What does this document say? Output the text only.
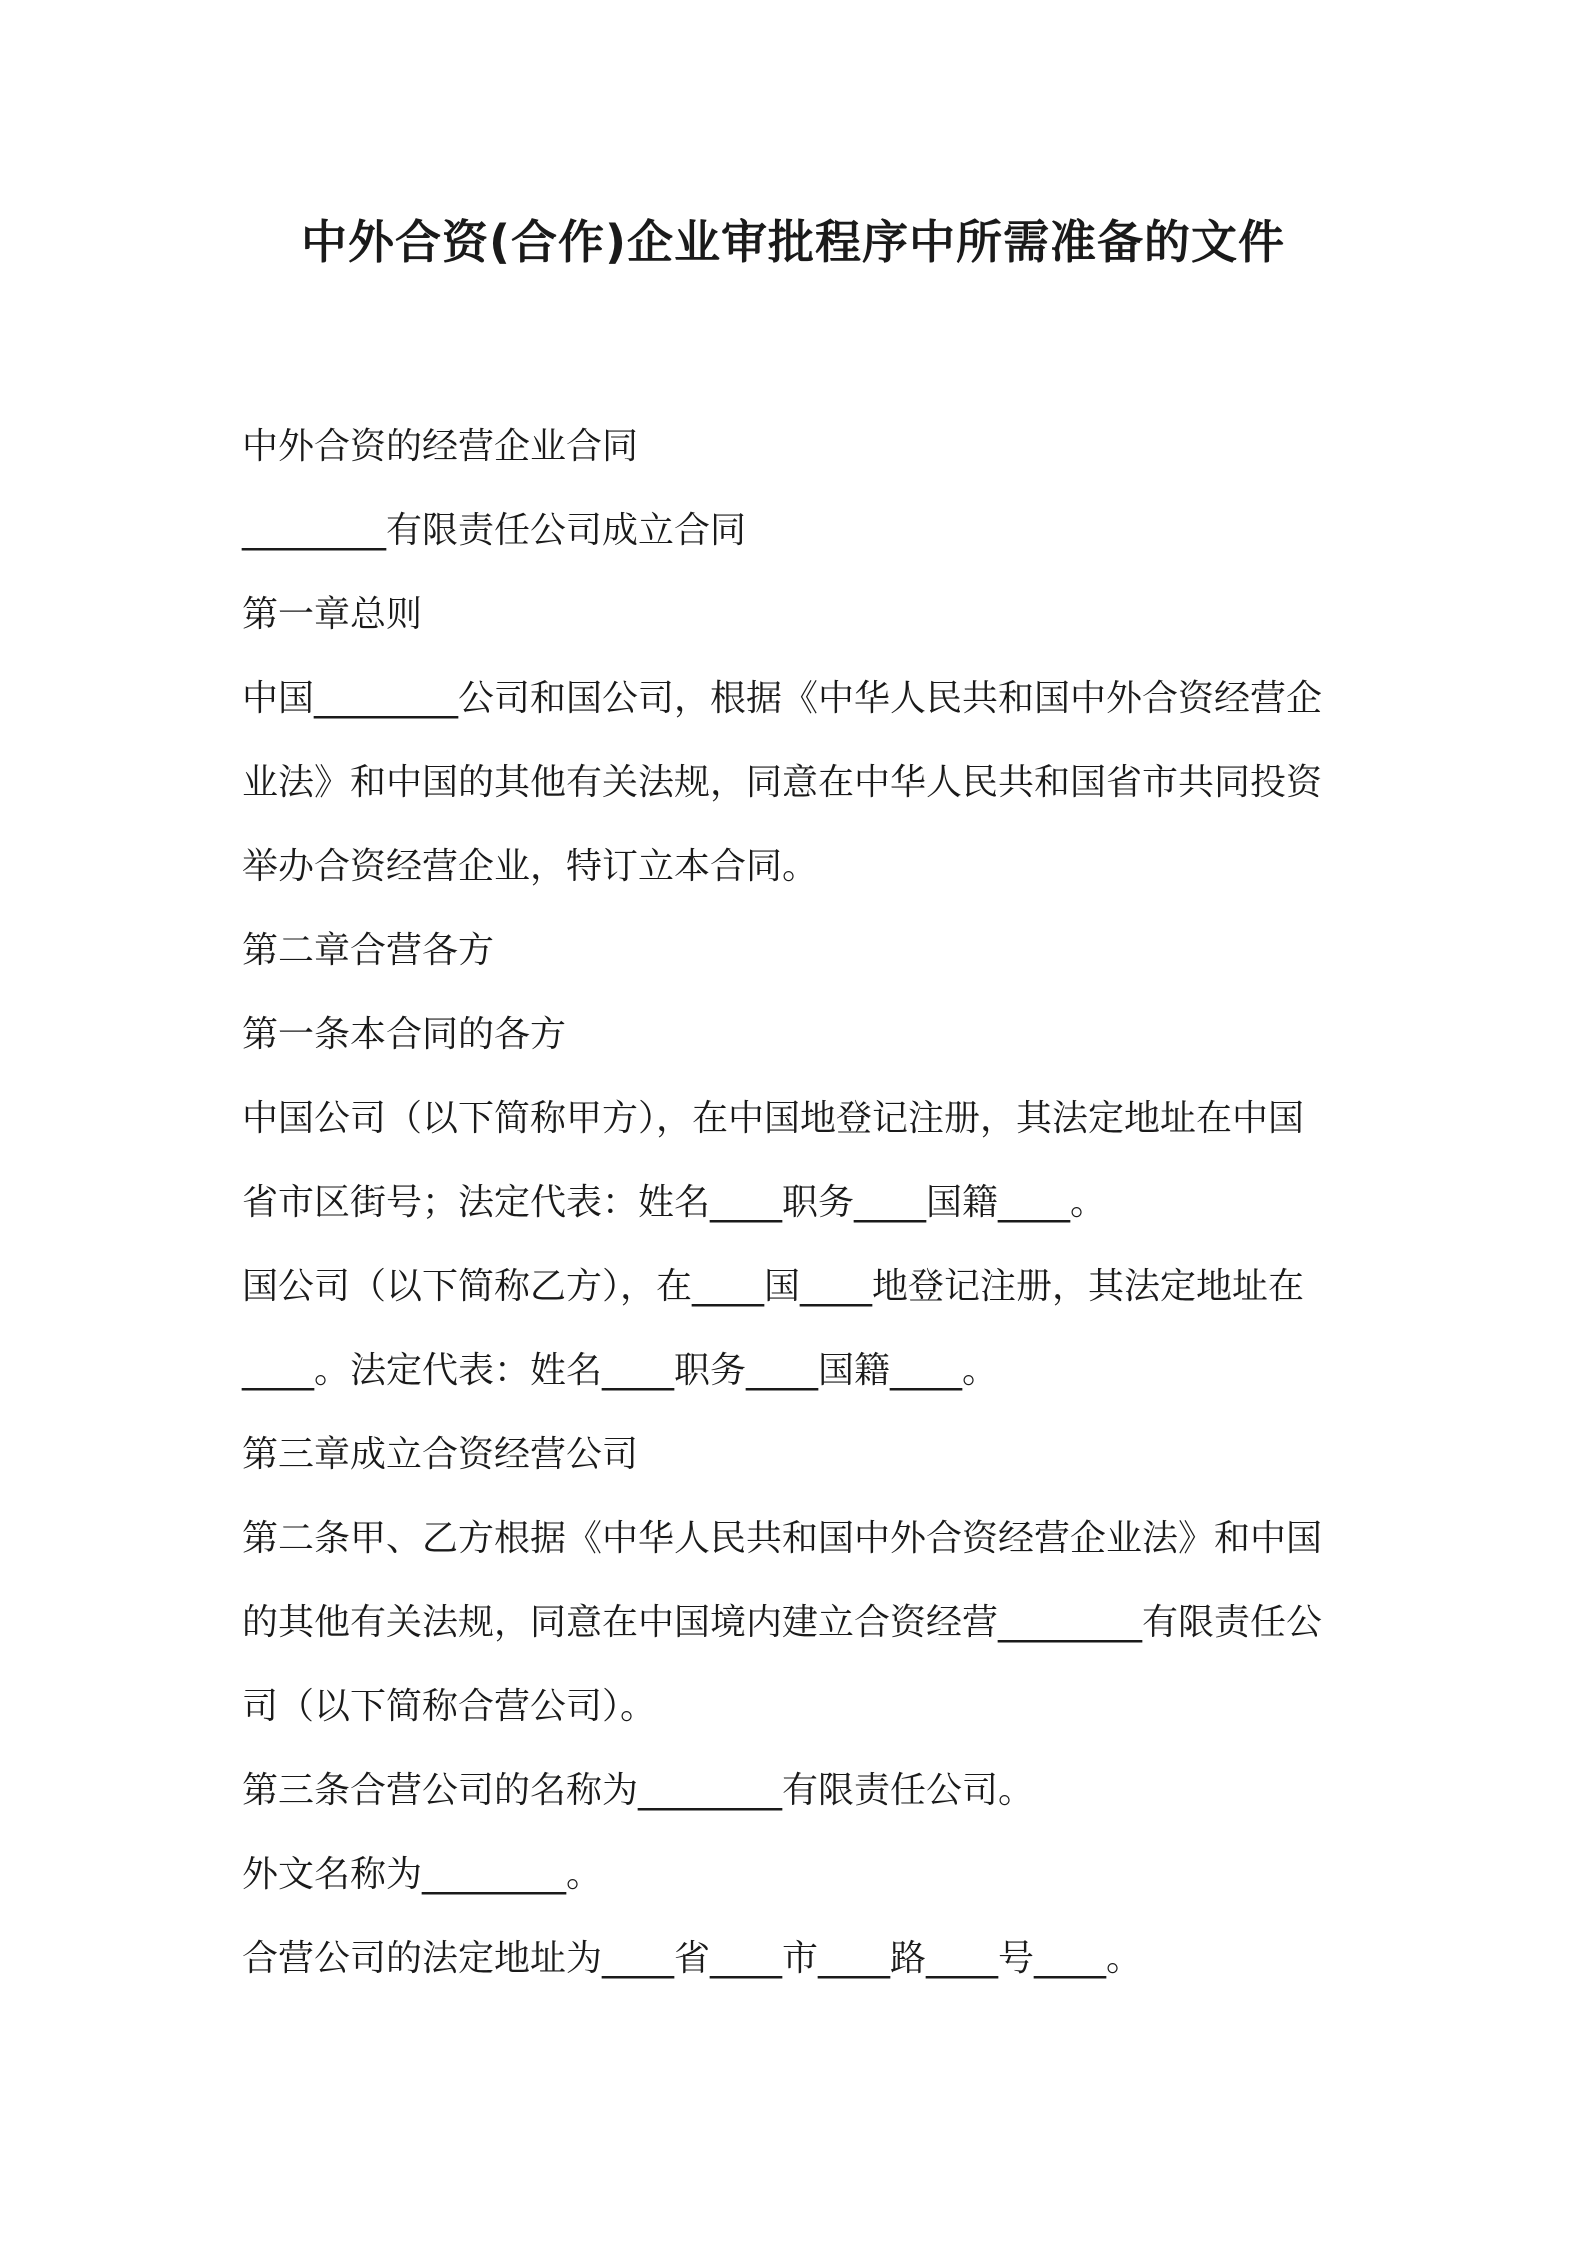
中外合资(合作)企业审批程序中所需准备的文件

中外合资的经营企业合同

________有限责任公司成立合同

第一章总则

中国________公司和国公司，根据《中华人民共和国中外合资经营企

业法》和中国的其他有关法规，同意在中华人民共和国省市共同投资

举办合资经营企业，特订立本合同。

第二章合营各方

第一条本合同的各方

中国公司（以下简称甲方），在中国地登记注册，其法定地址在中国

省市区街号；法定代表：姓名____职务____国籍____。

国公司（以下简称乙方），在____国____地登记注册，其法定地址在

____。法定代表：姓名____职务____国籍____。

第三章成立合资经营公司

第二条甲、乙方根据《中华人民共和国中外合资经营企业法》和中国

的其他有关法规，同意在中国境内建立合资经营________有限责任公

司（以下简称合营公司）。

第三条合营公司的名称为________有限责任公司。

外文名称为________。

合营公司的法定地址为____省____市____路____号____。
